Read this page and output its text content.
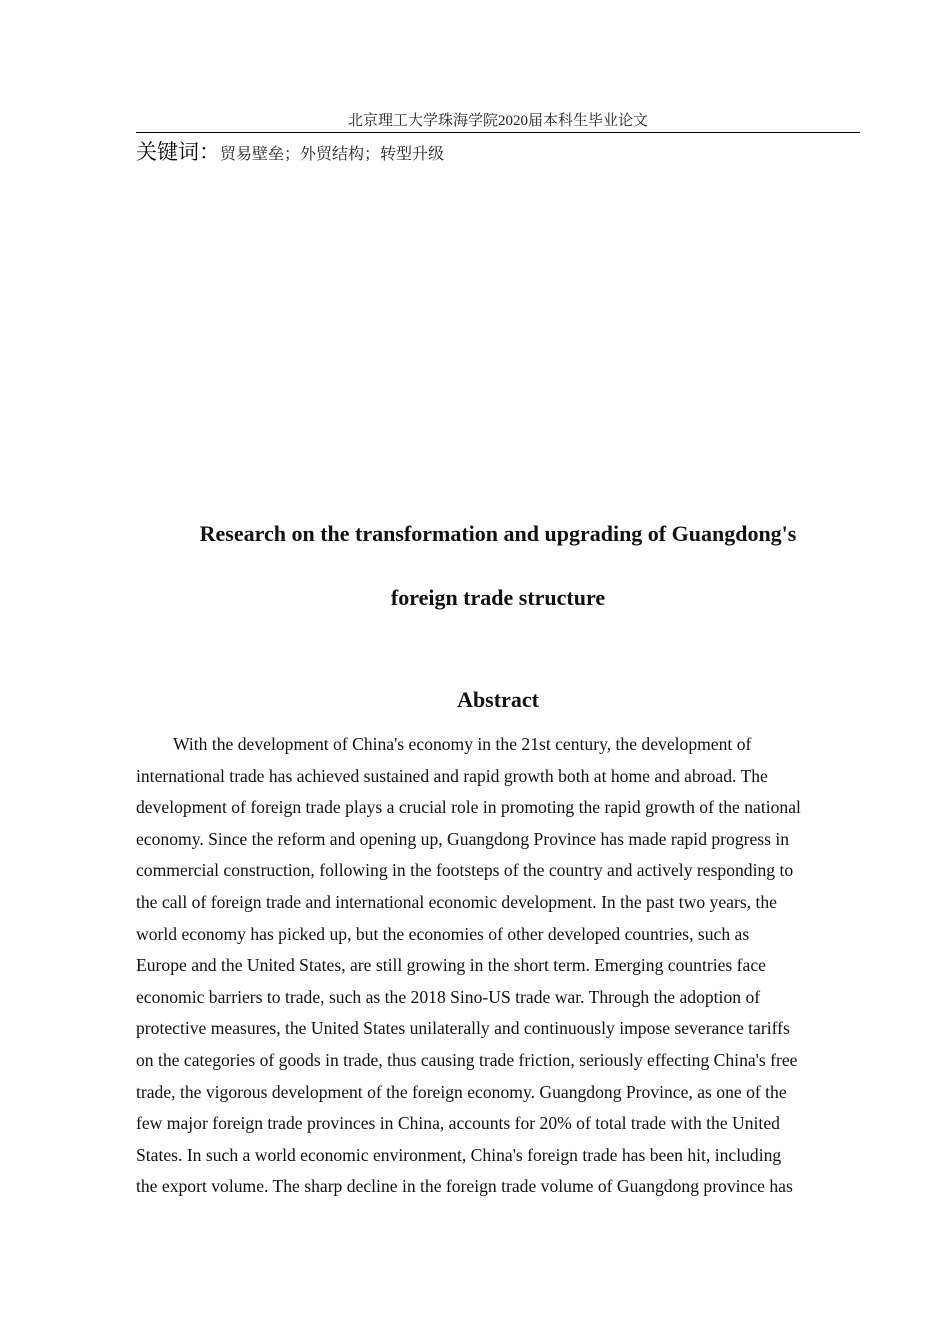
北京理工大学珠海学院2020届本科生毕业论文
关键词：贸易壁垒；外贸结构；转型升级
Research on the transformation and upgrading of Guangdong's
foreign trade structure
Abstract
With the development of China's economy in the 21st century, the development of
international trade has achieved sustained and rapid growth both at home and abroad. The
development of foreign trade plays a crucial role in promoting the rapid growth of the national
economy. Since the reform and opening up, Guangdong Province has made rapid progress in
commercial construction, following in the footsteps of the country and actively responding to
the call of foreign trade and international economic development. In the past two years, the
world economy has picked up, but the economies of other developed countries, such as
Europe and the United States, are still growing in the short term. Emerging countries face
economic barriers to trade, such as the 2018 Sino-US trade war. Through the adoption of
protective measures, the United States unilaterally and continuously impose severance tariffs
on the categories of goods in trade, thus causing trade friction, seriously effecting China's free
trade, the vigorous development of the foreign economy. Guangdong Province, as one of the
few major foreign trade provinces in China, accounts for 20% of total trade with the United
States. In such a world economic environment, China's foreign trade has been hit, including
the export volume. The sharp decline in the foreign trade volume of Guangdong province has
